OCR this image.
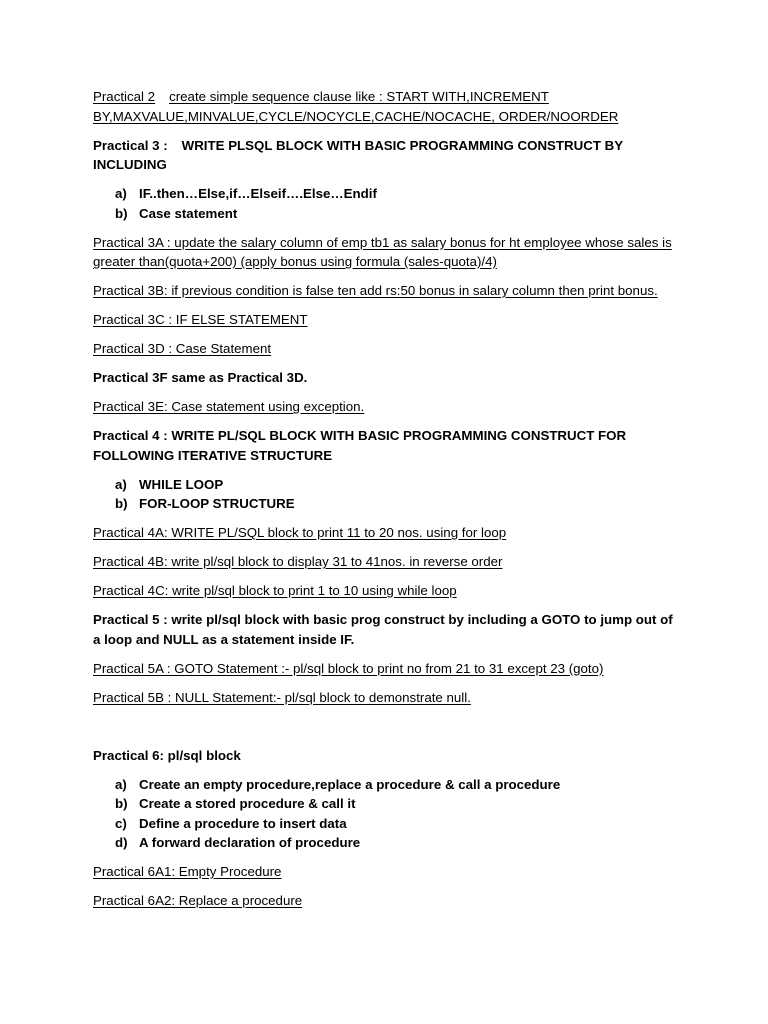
Practical 2 create simple sequence clause like : START WITH,INCREMENT BY,MAXVALUE,MINVALUE,CYCLE/NOCYCLE,CACHE/NOCACHE, ORDER/NOORDER

Practical 3 : WRITE PLSQL BLOCK WITH BASIC PROGRAMMING CONSTRUCT BY INCLUDING

a) IF..then…Else,if…Elseif….Else…Endif
b) Case statement

Practical 3A : update the salary column of emp tb1 as salary bonus for ht employee whose sales is greater than(quota+200) (apply bonus using formula (sales-quota)/4)

Practical 3B: if previous condition is false ten add rs:50 bonus in salary column then print bonus.

Practical 3C : IF ELSE STATEMENT

Practical 3D : Case Statement

Practical 3F same as Practical 3D.

Practical 3E: Case statement using exception.

Practical 4 : WRITE PL/SQL BLOCK WITH BASIC PROGRAMMING CONSTRUCT FOR FOLLOWING ITERATIVE STRUCTURE

a) WHILE LOOP
b) FOR-LOOP STRUCTURE

Practical 4A: WRITE PL/SQL block to print 11 to 20 nos. using for loop

Practical 4B: write pl/sql block to display 31 to 41nos. in reverse order

Practical 4C: write pl/sql block to print 1 to 10 using while loop

Practical 5 : write pl/sql block with basic prog construct by including a GOTO to jump out of a loop and NULL as a statement inside IF.

Practical 5A : GOTO Statement :- pl/sql block to print no from 21 to 31 except 23 (goto)

Practical 5B : NULL Statement:- pl/sql block to demonstrate null.

Practical 6: pl/sql block

a) Create an empty procedure,replace a procedure & call a procedure
b) Create a stored procedure & call it
c) Define a procedure to insert data
d) A forward declaration of procedure

Practical 6A1: Empty Procedure

Practical 6A2: Replace a procedure
